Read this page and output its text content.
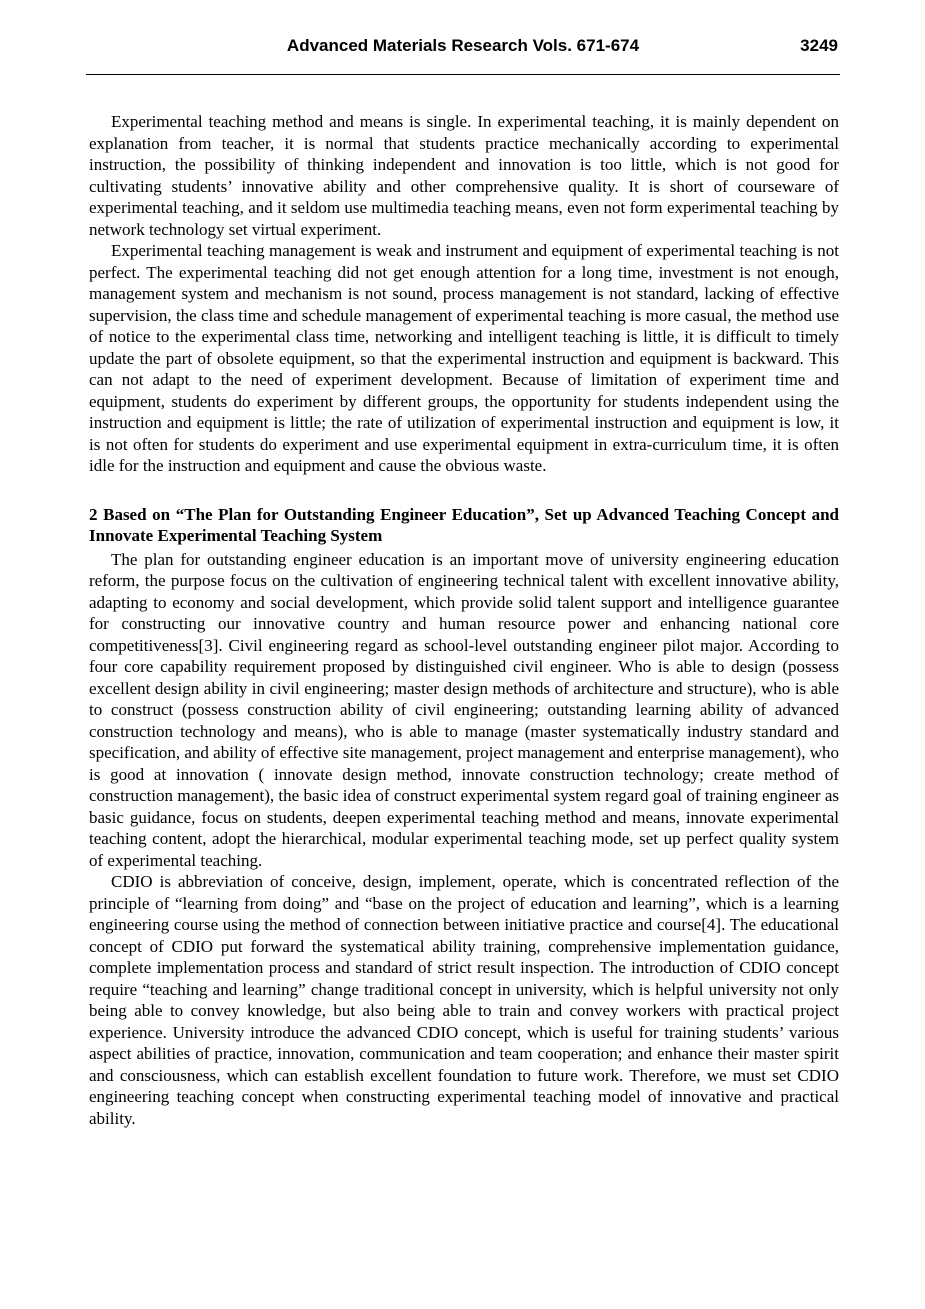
Advanced Materials Research Vols. 671-674	3249

Experimental teaching method and means is single. In experimental teaching, it is mainly dependent on explanation from teacher, it is normal that students practice mechanically according to experimental instruction, the possibility of thinking independent and innovation is too little, which is not good for cultivating students’ innovative ability and other comprehensive quality. It is short of courseware of experimental teaching, and it seldom use multimedia teaching means, even not form experimental teaching by network technology set virtual experiment.

Experimental teaching management is weak and instrument and equipment of experimental teaching is not perfect. The experimental teaching did not get enough attention for a long time, investment is not enough, management system and mechanism is not sound, process management is not standard, lacking of effective supervision, the class time and schedule management of experimental teaching is more casual, the method use of notice to the experimental class time, networking and intelligent teaching is little, it is difficult to timely update the part of obsolete equipment, so that the experimental instruction and equipment is backward. This can not adapt to the need of experiment development. Because of limitation of experiment time and equipment, students do experiment by different groups, the opportunity for students independent using the instruction and equipment is little; the rate of utilization of experimental instruction and equipment is low, it is not often for students do experiment and use experimental equipment in extra-curriculum time, it is often idle for the instruction and equipment and cause the obvious waste.

2 Based on “The Plan for Outstanding Engineer Education”, Set up Advanced Teaching Concept and Innovate Experimental Teaching System

The plan for outstanding engineer education is an important move of university engineering education reform, the purpose focus on the cultivation of engineering technical talent with excellent innovative ability, adapting to economy and social development, which provide solid talent support and intelligence guarantee for constructing our innovative country and human resource power and enhancing national core competitiveness[3]. Civil engineering regard as school-level outstanding engineer pilot major. According to four core capability requirement proposed by distinguished civil engineer. Who is able to design (possess excellent design ability in civil engineering; master design methods of architecture and structure), who is able to construct (possess construction ability of civil engineering; outstanding learning ability of advanced construction technology and means), who is able to manage (master systematically industry standard and specification, and ability of effective site management, project management and enterprise management), who is good at innovation ( innovate design method, innovate construction technology; create method of construction management), the basic idea of construct experimental system regard goal of training engineer as basic guidance, focus on students, deepen experimental teaching method and means, innovate experimental teaching content, adopt the hierarchical, modular experimental teaching mode, set up perfect quality system of experimental teaching.

CDIO is abbreviation of conceive, design, implement, operate, which is concentrated reflection of the principle of “learning from doing” and “base on the project of education and learning”, which is a learning engineering course using the method of connection between initiative practice and course[4]. The educational concept of CDIO put forward the systematical ability training, comprehensive implementation guidance, complete implementation process and standard of strict result inspection. The introduction of CDIO concept require “teaching and learning” change traditional concept in university, which is helpful university not only being able to convey knowledge, but also being able to train and convey workers with practical project experience. University introduce the advanced CDIO concept, which is useful for training students’ various aspect abilities of practice, innovation, communication and team cooperation; and enhance their master spirit and consciousness, which can establish excellent foundation to future work. Therefore, we must set CDIO engineering teaching concept when constructing experimental teaching model of innovative and practical ability.
